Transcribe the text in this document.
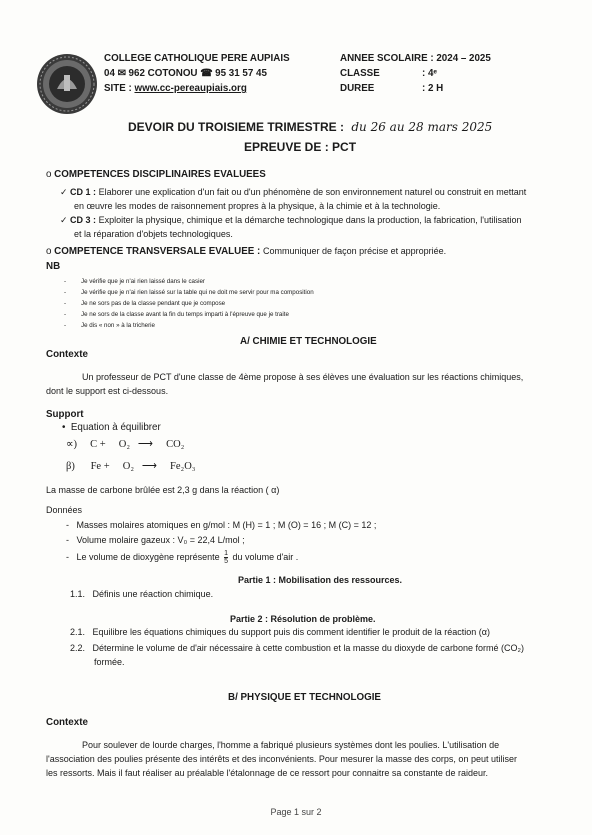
COLLEGE CATHOLIQUE PERE AUPIAIS
04 ✉ 962 COTONOU ☎ 95 31 57 45
SITE : www.cc-pereaupiais.org
ANNEE SCOLAIRE : 2024 – 2025
CLASSE	: 4ᵉ
DUREE	: 2 H
DEVOIR DU TROISIEME TRIMESTRE : du 26 au 28 mars 2025
EPREUVE DE : PCT
o COMPETENCES DISCIPLINAIRES EVALUEES
✓ CD 1 : Elaborer une explication d'un fait ou d'un phénomène de son environnement naturel ou construit en mettant
en œuvre les modes de raisonnement propres à la physique, à la chimie et à la technologie.
✓ CD 3 : Exploiter la physique, chimique et la démarche technologique dans la production, la fabrication, l'utilisation
et la réparation d'objets technologiques.
o COMPETENCE TRANSVERSALE EVALUEE : Communiquer de façon précise et appropriée.
NB
- Je vérifie que je n'ai rien laissé dans le casier
- Je vérifie que je n'ai rien laissé sur la table qui ne doit me servir pour ma composition
- Je ne sors pas de la classe pendant que je compose
- Je ne sors de la classe avant la fin du temps imparti à l'épreuve que je traite
- Je dis « non » à la tricherie
A/ CHIMIE ET TECHNOLOGIE
Contexte
Un professeur de PCT d'une classe de 4ème propose à ses élèves une évaluation sur les réactions chimiques,
dont le support est ci-dessous.
Support
•  Equation à équilibrer
∝)     C +     O₂   ⟶     CO₂
β)      Fe +     O₂   ⟶     Fe₂O₃
La masse de carbone brûlée est 2,3 g dans la réaction ( α)
Données
-   Masses molaires atomiques en g/mol : M (H) = 1 ; M (O) = 16 ; M (C) = 12 ;
-   Volume molaire gazeux : V₀ = 22,4 L/mol ;
-   Le volume de dioxygène représente $\frac{1}{5}$ du volume d'air .
Partie 1 : Mobilisation des ressources.
1.1. Définis une réaction chimique.
Partie 2 : Résolution de problème.
2.1. Equilibre les équations chimiques du support puis dis comment identifier le produit de la réaction (α)
2.2. Détermine le volume de d'air nécessaire à cette combustion et la masse du dioxyde de carbone formé (CO₂)
formée.
B/ PHYSIQUE ET TECHNOLOGIE
Contexte
Pour soulever de lourde charges, l'homme a fabriqué plusieurs systèmes dont les poulies. L'utilisation de
l'association des poulies présente des intérêts et des inconvénients. Pour mesurer la masse des corps, on peut utiliser
les ressorts. Mais il faut réaliser au préalable l'étalonnage de ce ressort pour connaitre sa constante de raideur.
Page 1 sur 2
